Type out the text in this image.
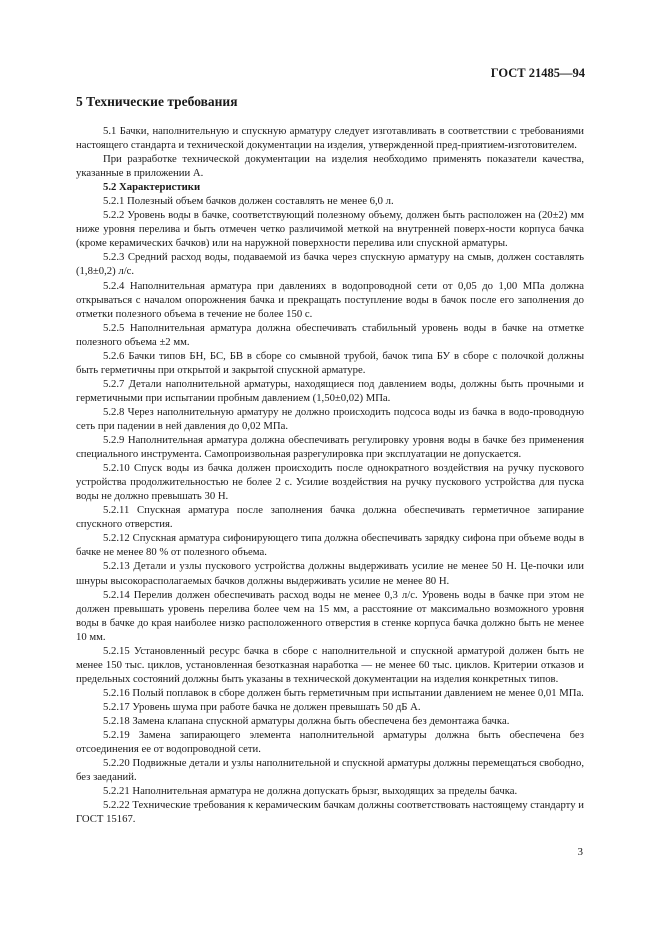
ГОСТ 21485—94
5 Технические требования

5.1 Бачки, наполнительную и спускную арматуру следует изготавливать в соответствии с требованиями настоящего стандарта и технической документации на изделия, утвержденной пред-приятием-изготовителем.

При разработке технической документации на изделия необходимо применять показатели качества, указанные в приложении А.

5.2 Характеристики

5.2.1 Полезный объем бачков должен составлять не менее 6,0 л.

5.2.2 Уровень воды в бачке, соответствующий полезному объему, должен быть расположен на (20±2) мм ниже уровня перелива и быть отмечен четко различимой меткой на внутренней поверх-ности корпуса бачка (кроме керамических бачков) или на наружной поверхности перелива или спускной арматуры.

5.2.3 Средний расход воды, подаваемой из бачка через спускную арматуру на смыв, должен составлять (1,8±0,2) л/с.

5.2.4 Наполнительная арматура при давлениях в водопроводной сети от 0,05 до 1,00 МПа должна открываться с началом опорожнения бачка и прекращать поступление воды в бачок после его заполнения до отметки полезного объема в течение не более 150 с.

5.2.5 Наполнительная арматура должна обеспечивать стабильный уровень воды в бачке на отметке полезного объема ±2 мм.

5.2.6 Бачки типов БН, БС, БВ в сборе со смывной трубой, бачок типа БУ в сборе с полочкой должны быть герметичны при открытой и закрытой спускной арматуре.

5.2.7 Детали наполнительной арматуры, находящиеся под давлением воды, должны быть прочными и герметичными при испытании пробным давлением (1,50±0,02) МПа.

5.2.8 Через наполнительную арматуру не должно происходить подсоса воды из бачка в водо-проводную сеть при падении в ней давления до 0,02 МПа.

5.2.9 Наполнительная арматура должна обеспечивать регулировку уровня воды в бачке без применения специального инструмента. Самопроизвольная разрегулировка при эксплуатации не допускается.

5.2.10 Спуск воды из бачка должен происходить после однократного воздействия на ручку пускового устройства продолжительностью не более 2 с. Усилие воздействия на ручку пускового устройства для пуска воды не должно превышать 30 Н.

5.2.11 Спускная арматура после заполнения бачка должна обеспечивать герметичное запирание спускного отверстия.

5.2.12 Спускная арматура сифонирующего типа должна обеспечивать зарядку сифона при объеме воды в бачке не менее 80 % от полезного объема.

5.2.13 Детали и узлы пускового устройства должны выдерживать усилие не менее 50 Н. Це-почки или шнуры высокорасполагаемых бачков должны выдерживать усилие не менее 80 Н.

5.2.14 Перелив должен обеспечивать расход воды не менее 0,3 л/с. Уровень воды в бачке при этом не должен превышать уровень перелива более чем на 15 мм, а расстояние от максимально возможного уровня воды в бачке до края наиболее низко расположенного отверстия в стенке корпуса бачка должно быть не менее 10 мм.

5.2.15 Установленный ресурс бачка в сборе с наполнительной и спускной арматурой должен быть не менее 150 тыс. циклов, установленная безотказная наработка — не менее 60 тыс. циклов. Критерии отказов и предельных состояний должны быть указаны в технической документации на изделия конкретных типов.

5.2.16 Полый поплавок в сборе должен быть герметичным при испытании давлением не менее 0,01 МПа.

5.2.17 Уровень шума при работе бачка не должен превышать 50 дБ А.

5.2.18 Замена клапана спускной арматуры должна быть обеспечена без демонтажа бачка.

5.2.19 Замена запирающего элемента наполнительной арматуры должна быть обеспечена без отсоединения ее от водопроводной сети.

5.2.20 Подвижные детали и узлы наполнительной и спускной арматуры должны перемещаться свободно, без заеданий.

5.2.21 Наполнительная арматура не должна допускать брызг, выходящих за пределы бачка.

5.2.22 Технические требования к керамическим бачкам должны соответствовать настоящему стандарту и ГОСТ 15167.

3
